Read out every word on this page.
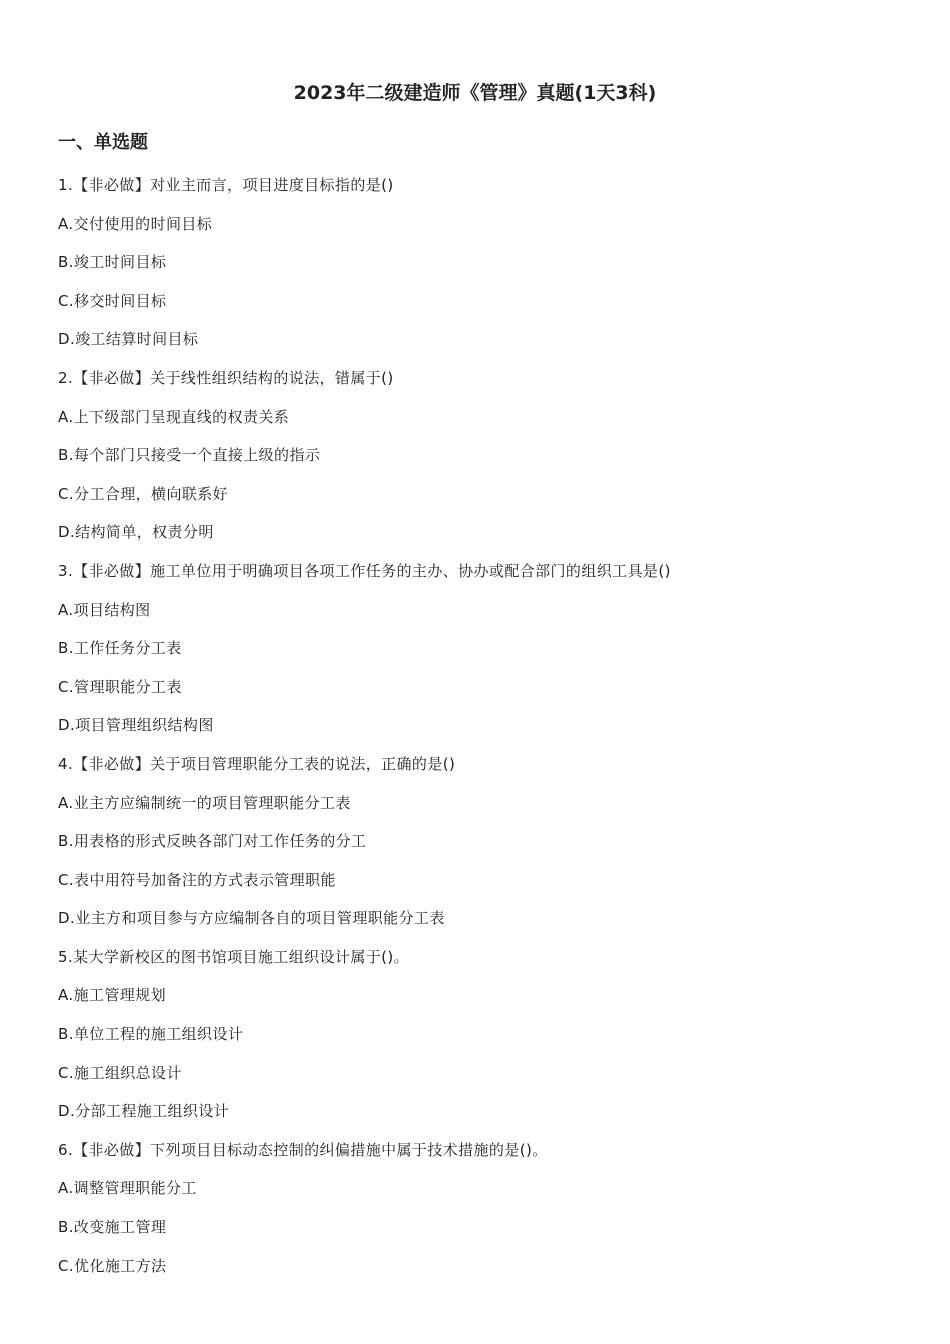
2023年二级建造师《管理》真题(1天3科)
一、单选题
1.【非必做】对业主而言，项目进度目标指的是()
A.交付使用的时间目标
B.竣工时间目标
C.移交时间目标
D.竣工结算时间目标
2.【非必做】关于线性组织结构的说法，错属于()
A.上下级部门呈现直线的权责关系
B.每个部门只接受一个直接上级的指示
C.分工合理，横向联系好
D.结构简单，权责分明
3.【非必做】施工单位用于明确项目各项工作任务的主办、协办或配合部门的组织工具是()
A.项目结构图
B.工作任务分工表
C.管理职能分工表
D.项目管理组织结构图
4.【非必做】关于项目管理职能分工表的说法，正确的是()
A.业主方应编制统一的项目管理职能分工表
B.用表格的形式反映各部门对工作任务的分工
C.表中用符号加备注的方式表示管理职能
D.业主方和项目参与方应编制各自的项目管理职能分工表
5.某大学新校区的图书馆项目施工组织设计属于()。
A.施工管理规划
B.单位工程的施工组织设计
C.施工组织总设计
D.分部工程施工组织设计
6.【非必做】下列项目目标动态控制的纠偏措施中属于技术措施的是()。
A.调整管理职能分工
B.改变施工管理
C.优化施工方法
